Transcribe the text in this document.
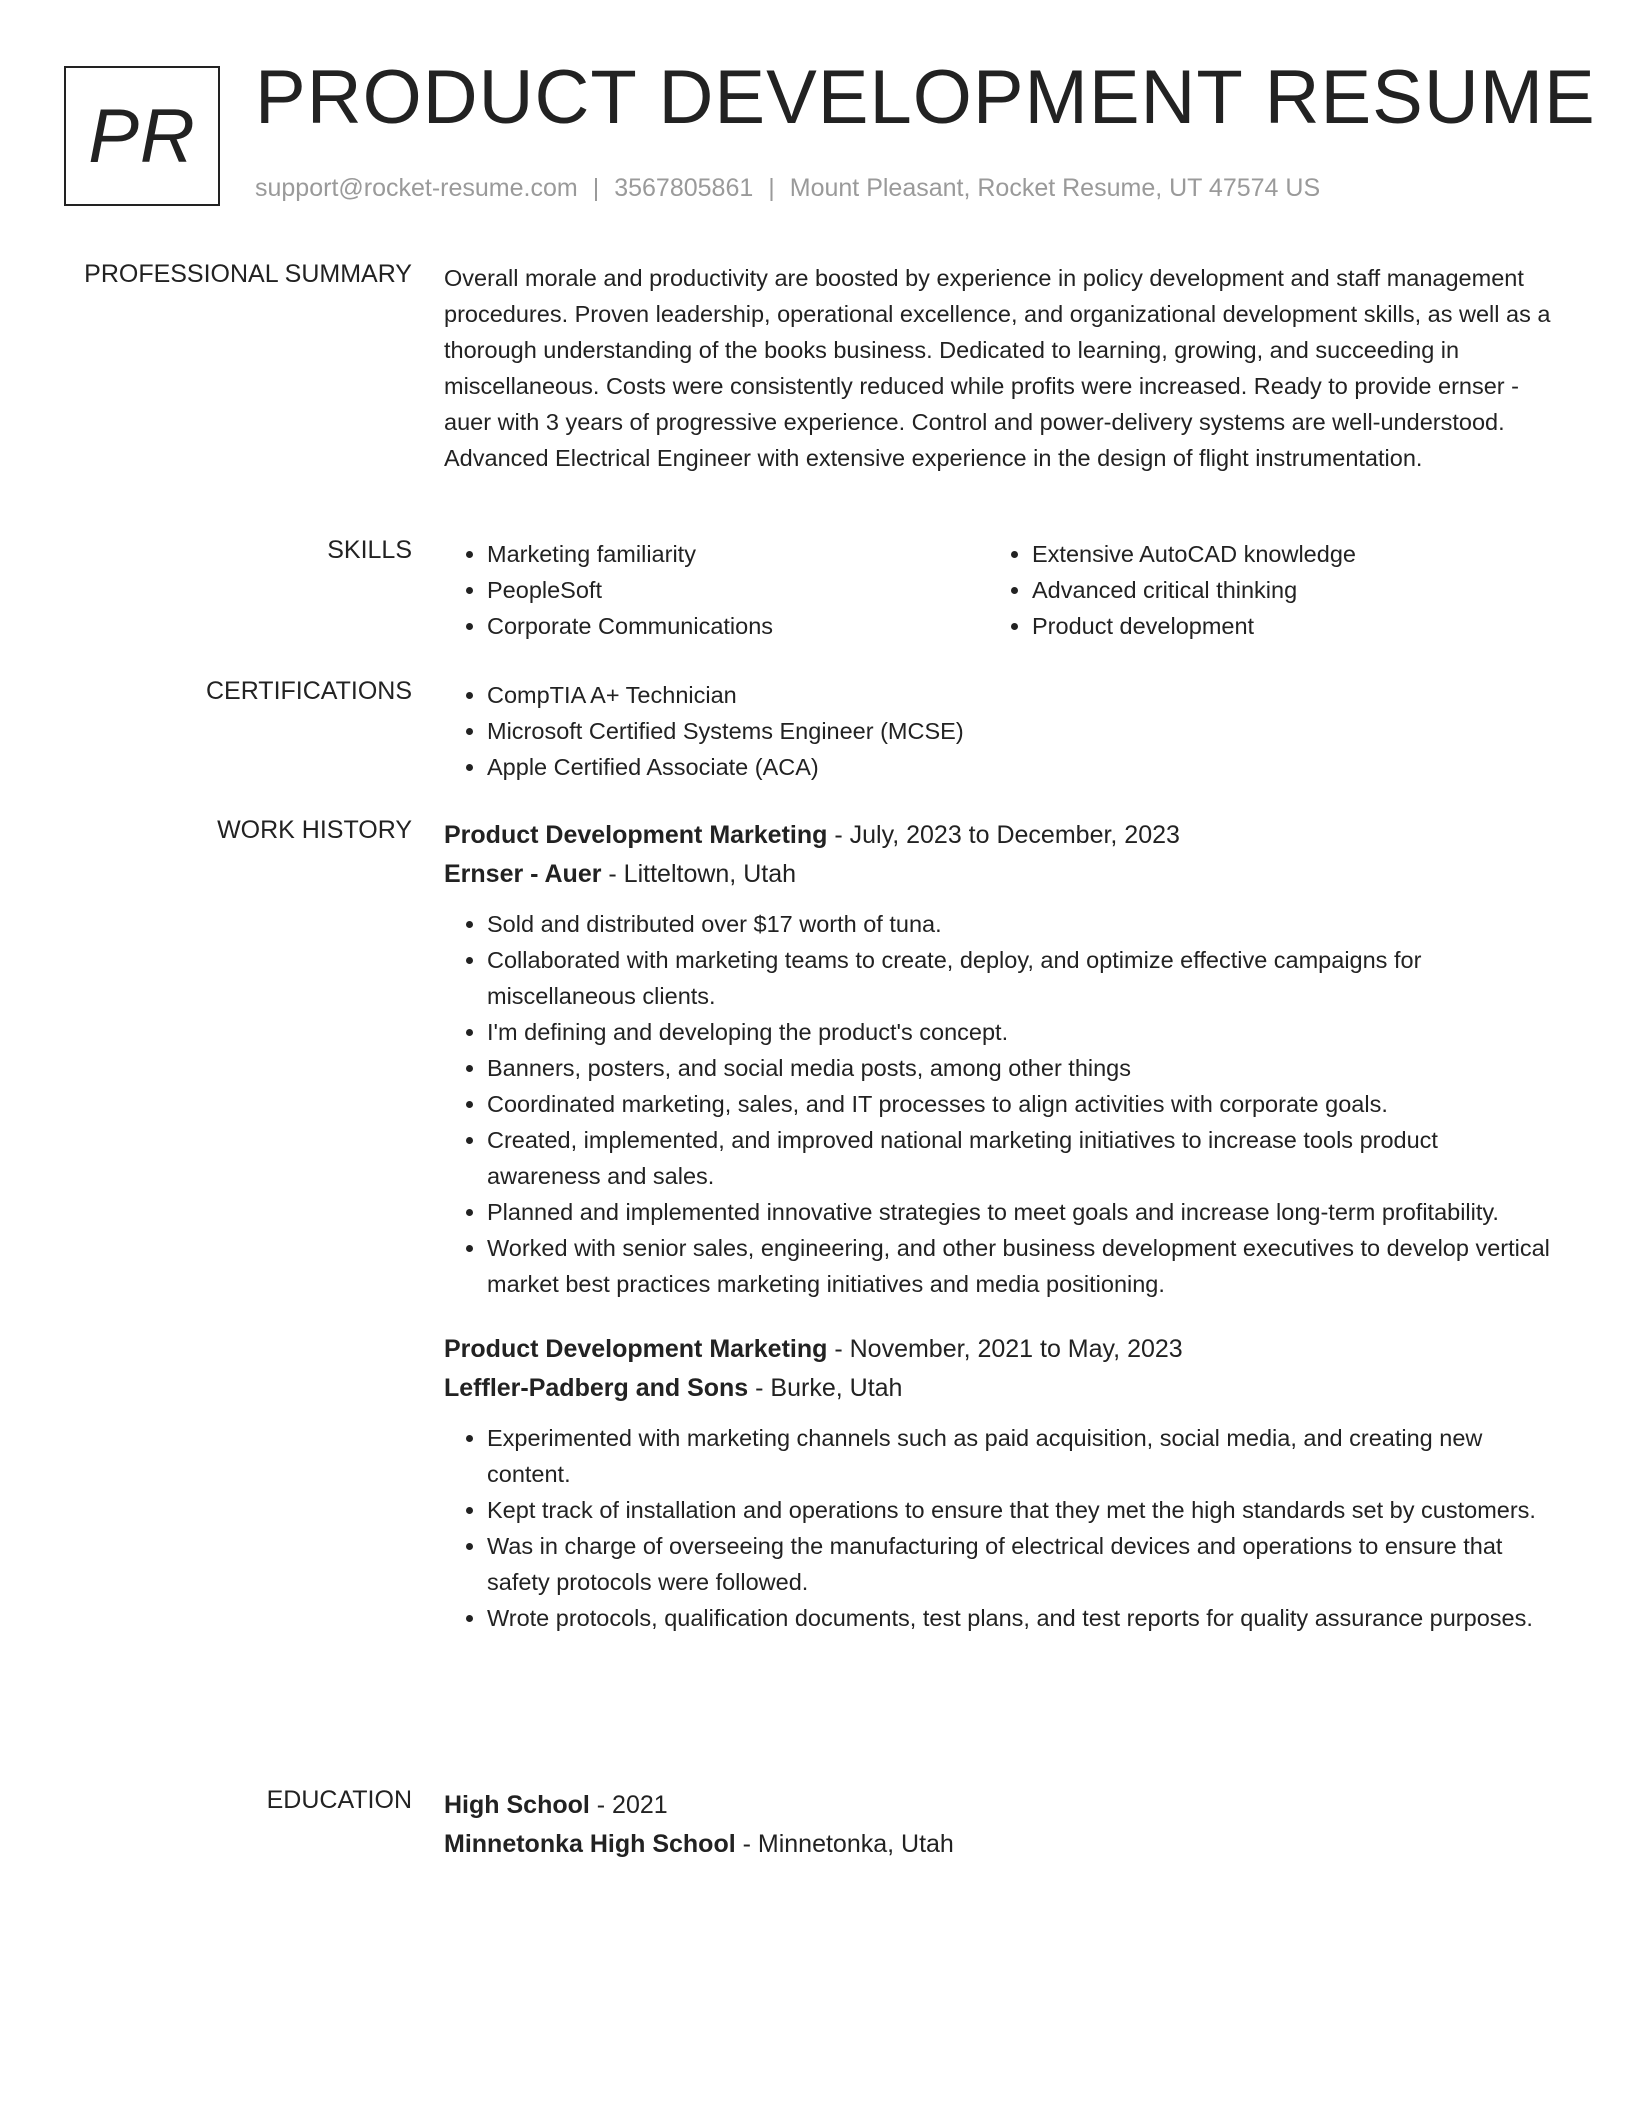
PR PRODUCT DEVELOPMENT RESUME
support@rocket-resume.com | 3567805861 | Mount Pleasant, Rocket Resume, UT 47574 US
PROFESSIONAL SUMMARY Overall morale and productivity are boosted by experience in policy development and staff management procedures. Proven leadership, operational excellence, and organizational development skills, as well as a thorough understanding of the books business. Dedicated to learning, growing, and succeeding in miscellaneous. Costs were consistently reduced while profits were increased. Ready to provide ernser - auer with 3 years of progressive experience. Control and power-delivery systems are well-understood. Advanced Electrical Engineer with extensive experience in the design of flight instrumentation.

SKILLS	• Marketing familiarity
• PeopleSoft
• Corporate Communications
• Extensive AutoCAD knowledge
• Advanced critical thinking
• Product development
CERTIFICATIONS	• CompTIA A+ Technician
• Microsoft Certified Systems Engineer (MCSE)
• Apple Certified Associate (ACA)
WORK HISTORY Product Development Marketing - July, 2023 to December, 2023
Ernser - Auer - Litteltown, Utah
• Sold and distributed over $17 worth of tuna.
• Collaborated with marketing teams to create, deploy, and optimize effective campaigns for miscellaneous clients.
• I'm defining and developing the product's concept.
• Banners, posters, and social media posts, among other things
• Coordinated marketing, sales, and IT processes to align activities with corporate goals.
• Created, implemented, and improved national marketing initiatives to increase tools product awareness and sales.
• Planned and implemented innovative strategies to meet goals and increase long-term profitability.
• Worked with senior sales, engineering, and other business development executives to develop vertical market best practices marketing initiatives and media positioning.
Product Development Marketing - November, 2021 to May, 2023
Leffler-Padberg and Sons - Burke, Utah
• Experimented with marketing channels such as paid acquisition, social media, and creating new content.
• Kept track of installation and operations to ensure that they met the high standards set by customers.
• Was in charge of overseeing the manufacturing of electrical devices and operations to ensure that safety protocols were followed.
• Wrote protocols, qualification documents, test plans, and test reports for quality assurance purposes.
EDUCATION High School - 2021
Minnetonka High School - Minnetonka, Utah
